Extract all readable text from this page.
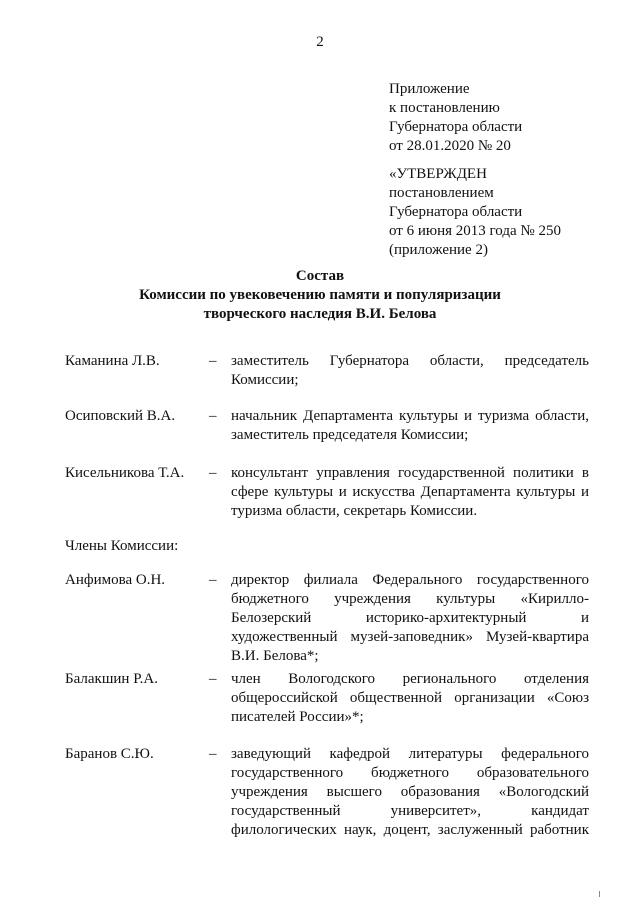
2
Приложение
к постановлению
Губернатора области
от 28.01.2020 № 20
«УТВЕРЖДЕН
постановлением
Губернатора области
от 6 июня 2013 года № 250
(приложение 2)
Состав
Комиссии по увековечению памяти и популяризации
творческого наследия В.И. Белова
Каманина Л.В.	– заместитель Губернатора области, председатель
Комиссии;
Осиповский В.А. – начальник Департамента культуры и туризма области,
заместитель председателя Комиссии;
Кисельникова Т.А. – консультант управления государственной политики в
сфере культуры и искусства Департамента культуры и
туризма области, секретарь Комиссии.
Члены Комиссии:
Анфимова О.Н.	– директор филиала Федерального государственного
бюджетного учреждения культуры «Кирилло-
Белозерский историко-архитектурный и
художественный музей-заповедник» Музей-квартира
В.И. Белова*;
Балакшин Р.А.	– член Вологодского регионального отделения
общероссийской общественной организации «Союз
писателей России»*;
Баранов С.Ю.	– заведующий кафедрой литературы федерального
государственного бюджетного образовательного
учреждения высшего образования «Вологодский
государственный университет», кандидат
филологических наук, доцент, заслуженный работник
